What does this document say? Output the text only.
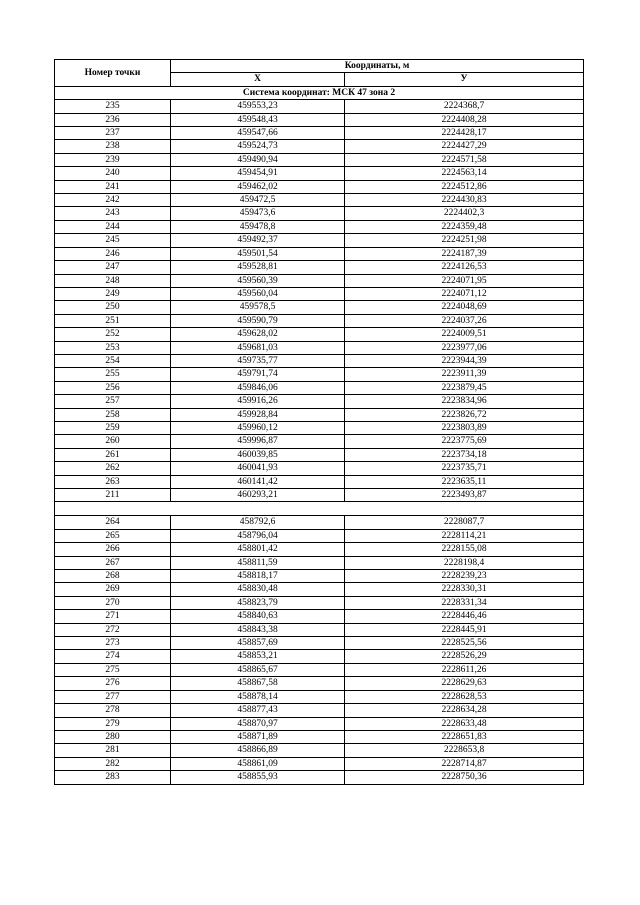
Номер точки	Координаты, м	
	X	У
Система координат: МСК 47 зона 2		
235	459553,23	2224368,7
236	459548,43	2224408,28
237	459547,66	2224428,17
238	459524,73	2224427,29
239	459490,94	2224571,58
240	459454,91	2224563,14
241	459462,02	2224512,86
242	459472,5	2224430,83
243	459473,6	2224402,3
244	459478,8	2224359,48
245	459492,37	2224251,98
246	459501,54	2224187,39
247	459528,81	2224126,53
248	459560,39	2224071,95
249	459560,04	2224071,12
250	459578,5	2224048,69
251	459590,79	2224037,26
252	459628,02	2224009,51
253	459681,03	2223977,06
254	459735,77	2223944,39
255	459791,74	2223911,39
256	459846,06	2223879,45
257	459916,26	2223834,96
258	459928,84	2223826,72
259	459960,12	2223803,89
260	459996,87	2223775,69
261	460039,85	2223734,18
262	460041,93	2223735,71
263	460141,42	2223635,11
211	460293,21	2223493,87

264	458792,6	2228087,7
265	458796,04	2228114,21
266	458801,42	2228155,08
267	458811,59	2228198,4
268	458818,17	2228239,23
269	458830,48	2228330,31
270	458823,79	2228331,34
271	458840,63	2228446,46
272	458843,38	2228445,91
273	458857,69	2228525,56
274	458853,21	2228526,29
275	458865,67	2228611,26
276	458867,58	2228629,63
277	458878,14	2228628,53
278	458877,43	2228634,28
279	458870,97	2228633,48
280	458871,89	2228651,83
281	458866,89	2228653,8
282	458861,09	2228714,87
283	458855,93	2228750,36
